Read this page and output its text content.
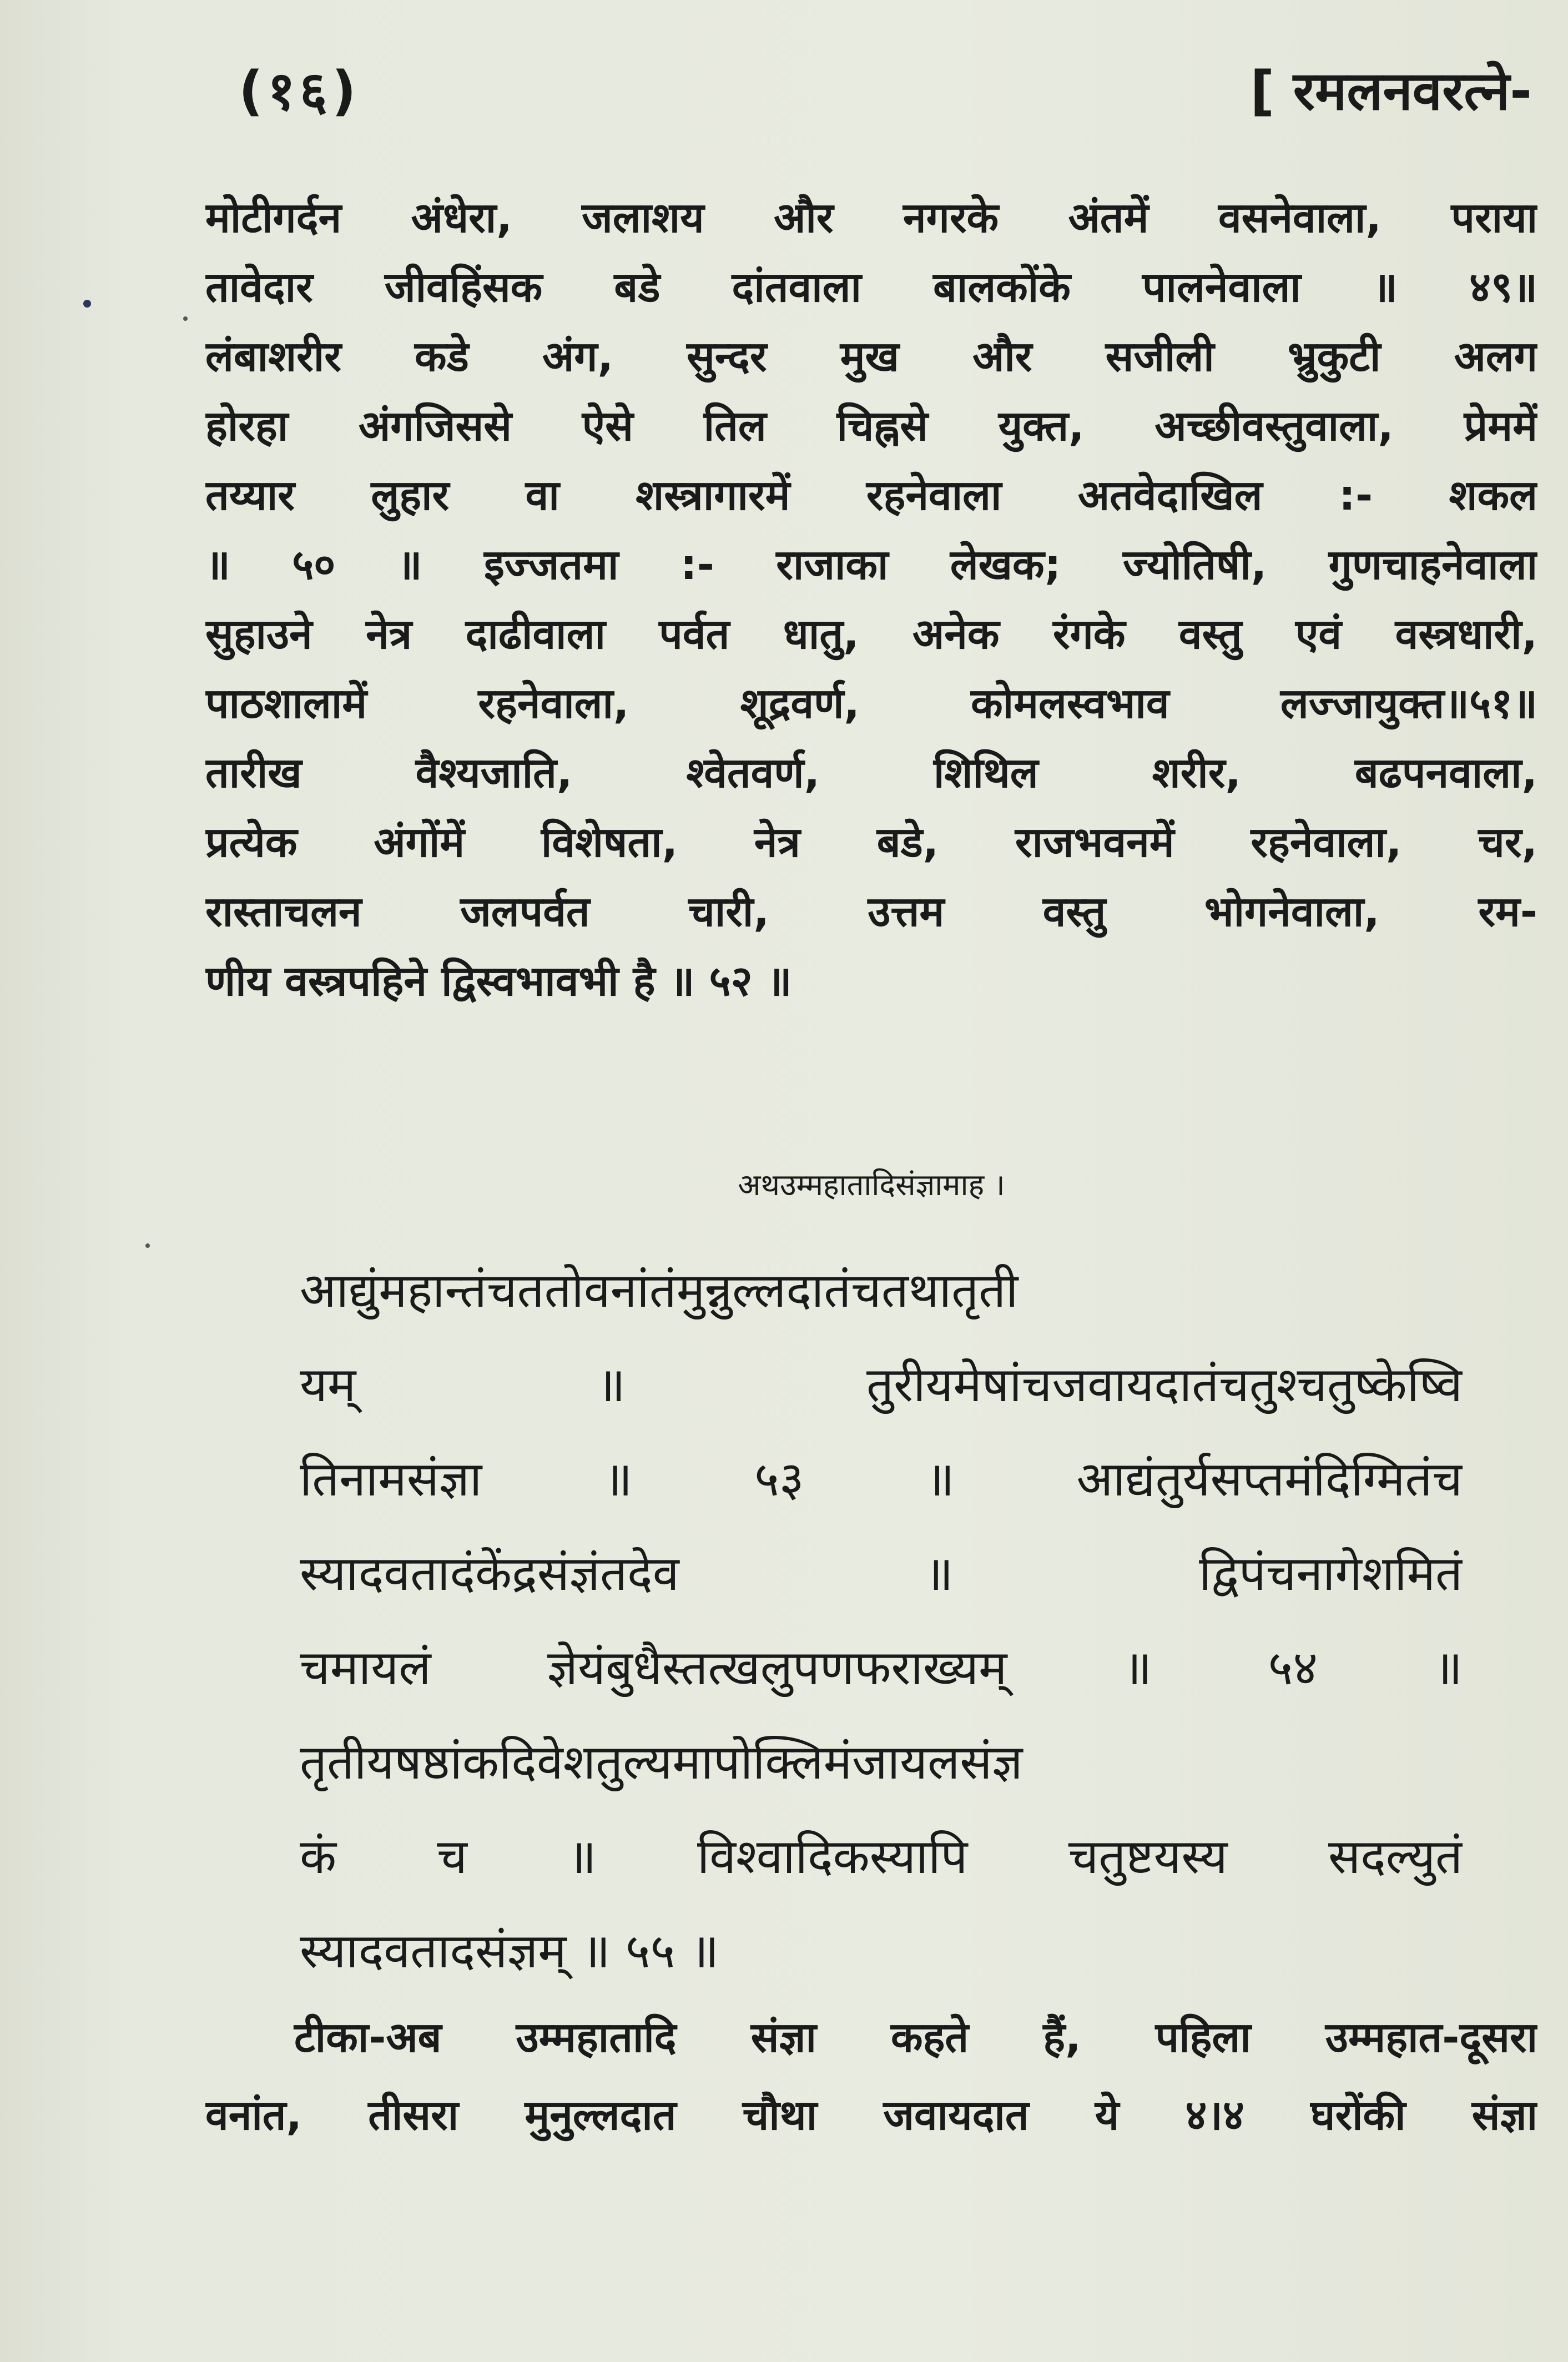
(१६)	[ रमलनवरत्ने-
मोटीगर्दन अंधेरा, जलाशय और नगरके अंतमें वसनेवाला, पराया
तावेदार जीवहिंसक बडे दांतवाला बालकोंके पालनेवाला ॥ ४९॥
लंबाशरीर कडे अंग, सुन्दर मुख और सजीली भ्रुकुटी अलग
होरहा अंगजिससे ऐसे तिल चिह्नसे युक्त, अच्छीवस्तुवाला, प्रेममें
तय्यार लुहार वा शस्त्रागारमें रहनेवाला अतवेदाखिल :- शकल
॥ ५० ॥ इज्जतमा :- राजाका लेखक; ज्योतिषी, गुणचाहनेवाला
सुहाउने नेत्र दाढीवाला पर्वत धातु, अनेक रंगके वस्तु एवं वस्त्रधारी,
पाठशालामें रहनेवाला, शूद्रवर्ण, कोमलस्वभाव लज्जायुक्त॥५१॥
तारीख वैश्यजाति, श्वेतवर्ण, शिथिल शरीर, बढपनवाला,
प्रत्येक अंगोंमें विशेषता, नेत्र बडे, राजभवनमें रहनेवाला, चर,
रास्ताचलन जलपर्वत चारी, उत्तम वस्तु भोगनेवाला, रम-
णीय वस्त्रपहिने द्विस्वभावभी है ॥ ५२ ॥
अथउम्महातादिसंज्ञामाह ।
आद्युंमहान्तंचततोवनांतंमुन्नुल्लदातंचतथातृती
यम् ॥ तुरीयमेषांचजवायदातंचतुश्चतुष्केष्वि
तिनामसंज्ञा ॥ ५३ ॥ आद्यंतुर्यसप्तमंदिग्मितंच
स्यादवतादंकेंद्रसंज्ञंतदेव ॥ द्विपंचनागेशमितं
चमायलं ज्ञेयंबुधैस्तत्खलुपणफराख्यम् ॥ ५४ ॥
तृतीयषष्ठांकदिवेशतुल्यमापोक्लिमंजायलसंज्ञ
कं च ॥ विश्वादिकस्यापि चतुष्टयस्य सदल्युतं
स्यादवतादसंज्ञम् ॥ ५५ ॥
टीका-अब उम्महातादि संज्ञा कहते हैं, पहिला उम्महात-दूसरा
वनांत, तीसरा मुनुल्लदात चौथा जवायदात ये ४।४ घरोंकी संज्ञा
